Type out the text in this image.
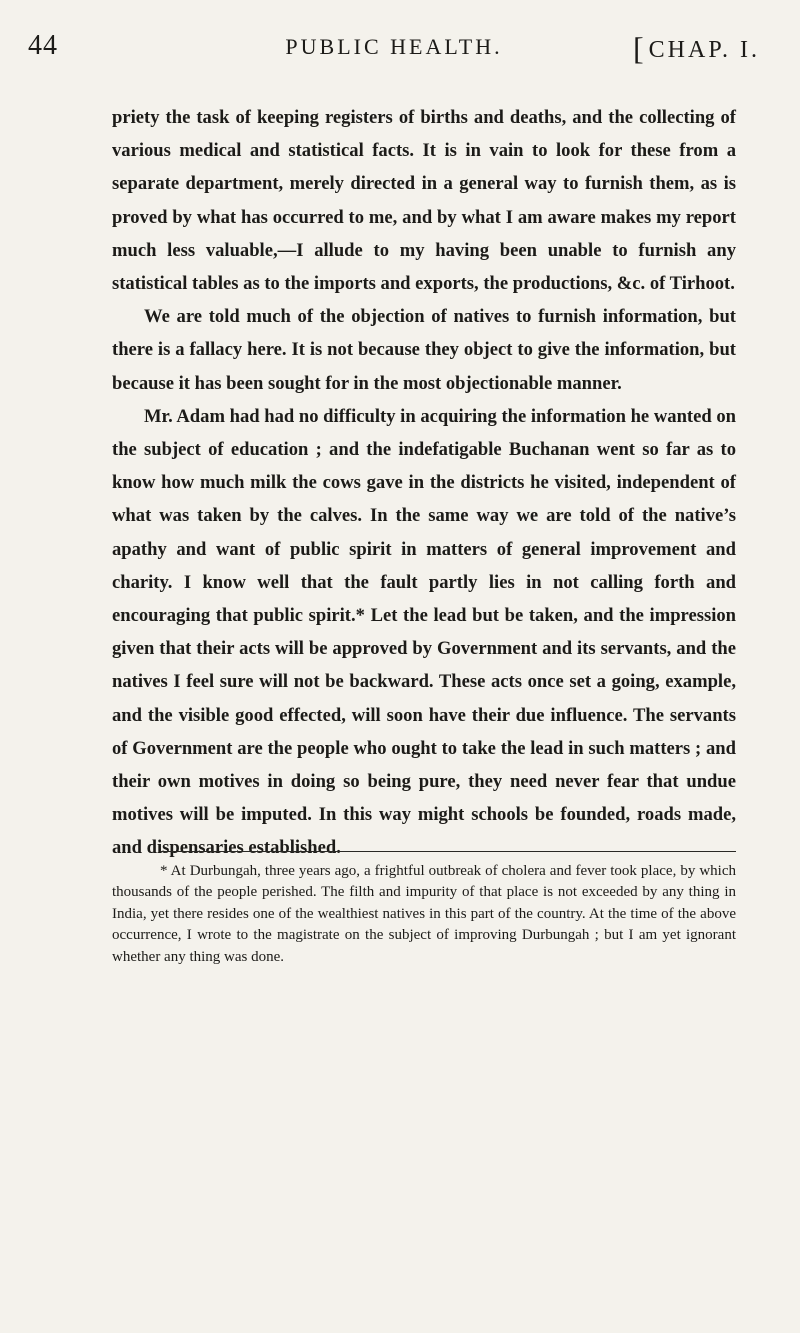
44	PUBLIC HEALTH.	[CHAP. I.

priety the task of keeping registers of births and deaths, and the collecting of various medical and statistical facts. It is in vain to look for these from a separate department, merely directed in a general way to furnish them, as is proved by what has occurred to me, and by what I am aware makes my report much less valuable,—I allude to my having been unable to furnish any statistical tables as to the imports and exports, the productions, &c. of Tirhoot.

We are told much of the objection of natives to furnish information, but there is a fallacy here. It is not because they object to give the information, but because it has been sought for in the most objectionable manner.

Mr. Adam had had no difficulty in acquiring the information he wanted on the subject of education ; and the indefatigable Buchanan went so far as to know how much milk the cows gave in the districts he visited, independent of what was taken by the calves. In the same way we are told of the native’s apathy and want of public spirit in matters of general improvement and charity. I know well that the fault partly lies in not calling forth and encouraging that public spirit.* Let the lead but be taken, and the impression given that their acts will be approved by Government and its servants, and the natives I feel sure will not be backward. These acts once set a going, example, and the visible good effected, will soon have their due influence. The servants of Government are the people who ought to take the lead in such matters ; and their own motives in doing so being pure, they need never fear that undue motives will be imputed. In this way might schools be founded, roads made, and dispensaries established.

* At Durbungah, three years ago, a frightful outbreak of cholera and fever took place, by which thousands of the people perished. The filth and impurity of that place is not exceeded by any thing in India, yet there resides one of the wealthiest natives in this part of the country. At the time of the above occurrence, I wrote to the magistrate on the subject of improving Durbungah ; but I am yet ignorant whether any thing was done.
